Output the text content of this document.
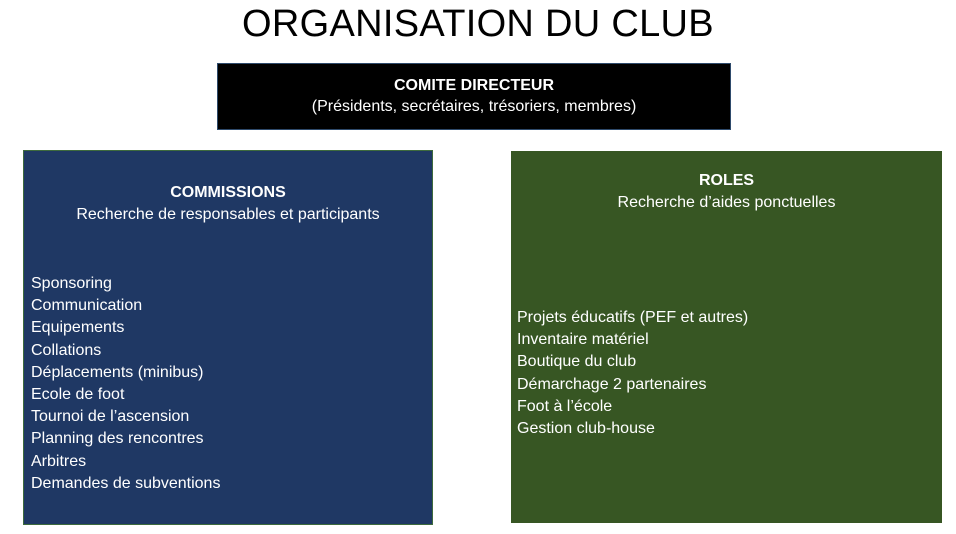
ORGANISATION DU CLUB
COMITE DIRECTEUR
(Présidents, secrétaires, trésoriers, membres)
COMMISSIONS
Recherche de responsables et participants
Sponsoring
Communication
Equipements
Collations
Déplacements (minibus)
Ecole de foot
Tournoi de l’ascension
Planning des rencontres
Arbitres
Demandes de subventions
ROLES
Recherche d’aides ponctuelles
Projets éducatifs (PEF et autres)
Inventaire matériel
Boutique du club
Démarchage 2 partenaires
Foot à l’école
Gestion club-house
